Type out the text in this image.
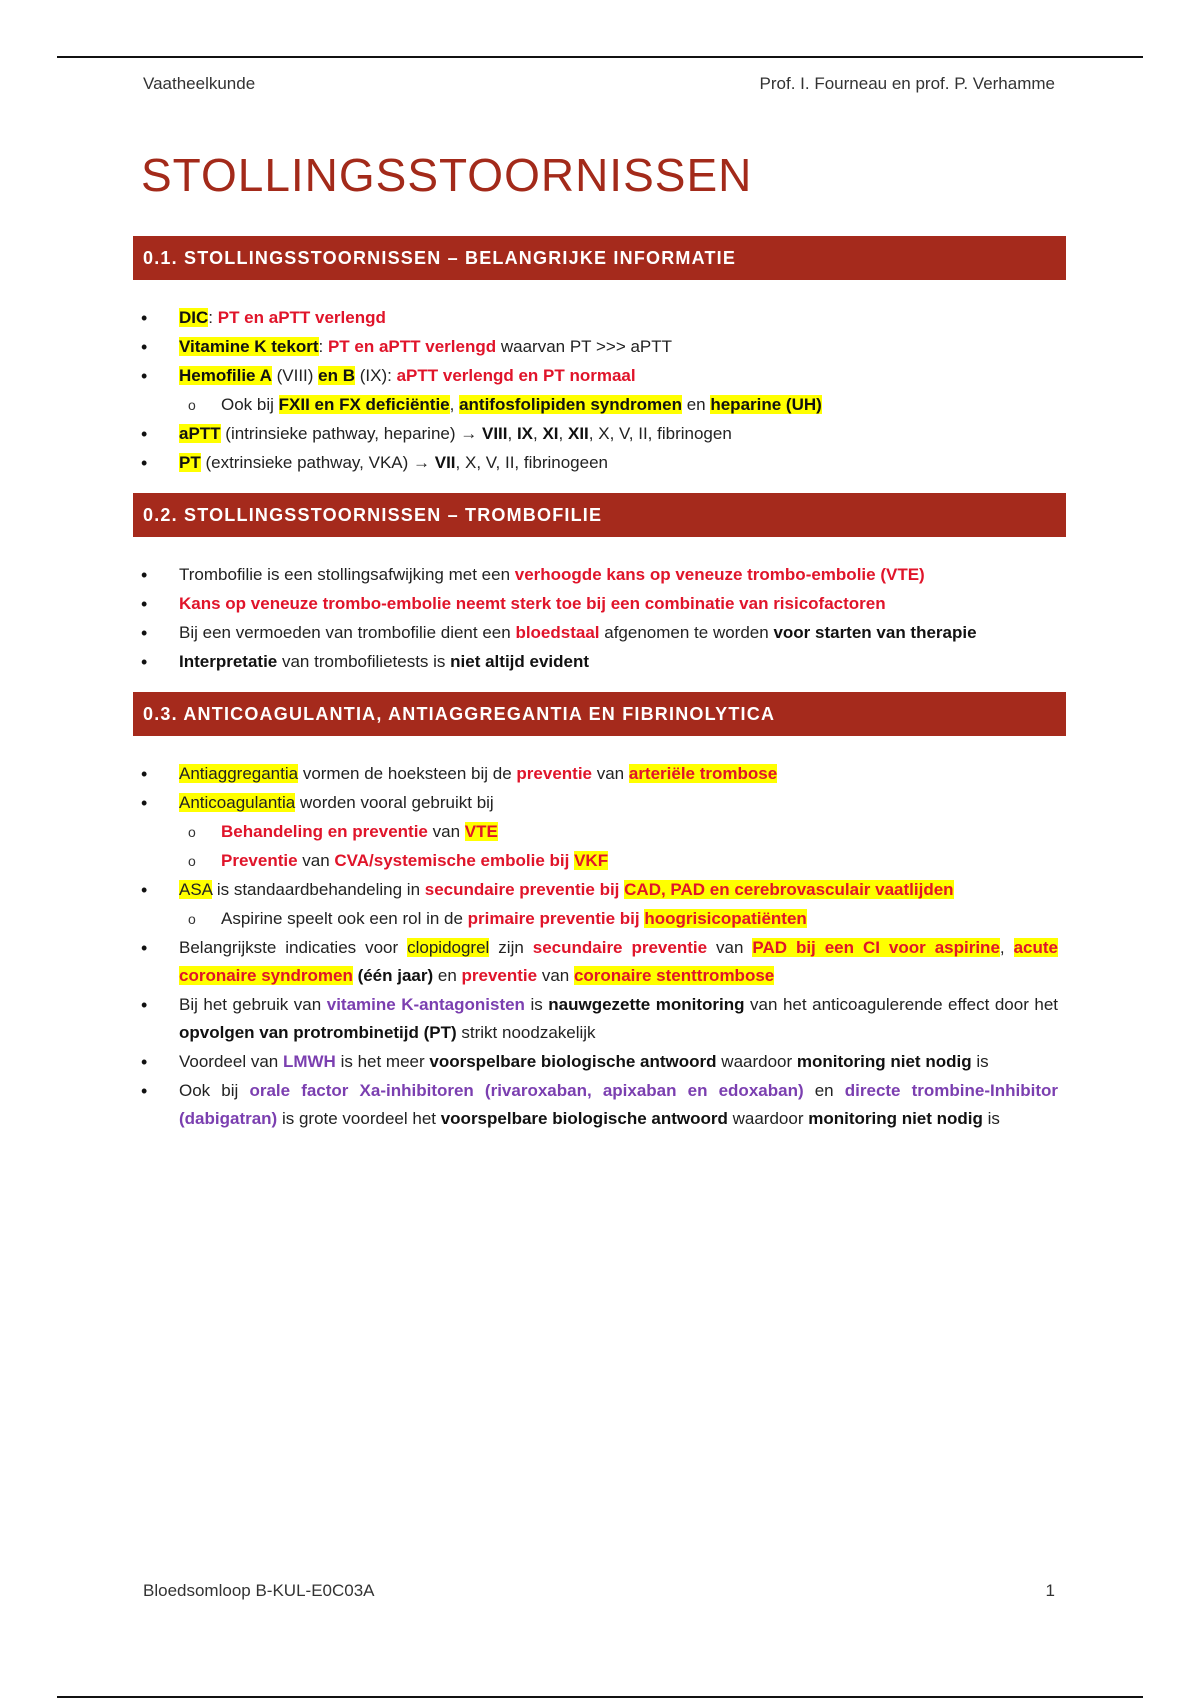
Vaatheelkunde	Prof. I. Fourneau en prof. P. Verhamme
STOLLINGSSTOORNISSEN
0.1. STOLLINGSSTOORNISSEN – BELANGRIJKE INFORMATIE
• DIC: PT en aPTT verlengd
• Vitamine K tekort: PT en aPTT verlengd waarvan PT >>> aPTT
• Hemofilie A (VIII) en B (IX): aPTT verlengd en PT normaal
o Ook bij FXII en FX deficiëntie, antifosfolipiden syndromen en heparine (UH)
• aPTT (intrinsieke pathway, heparine) → VIII, IX, XI, XII, X, V, II, fibrinogen
• PT (extrinsieke pathway, VKA) → VII, X, V, II, fibrinogeen
0.2. STOLLINGSSTOORNISSEN – TROMBOFILIE
• Trombofilie is een stollingsafwijking met een verhoogde kans op veneuze trombo-embolie (VTE)
• Kans op veneuze trombo-embolie neemt sterk toe bij een combinatie van risicofactoren
• Bij een vermoeden van trombofilie dient een bloedstaal afgenomen te worden voor starten van therapie
• Interpretatie van trombofilietests is niet altijd evident
0.3. ANTICOAGULANTIA, ANTIAGGREGANTIA EN FIBRINOLYTICA
• Antiaggregantia vormen de hoeksteen bij de preventie van arteriële trombose
• Anticoagulantia worden vooral gebruikt bij
o Behandeling en preventie van VTE
o Preventie van CVA/systemische embolie bij VKF
• ASA is standaardbehandeling in secundaire preventie bij CAD, PAD en cerebrovasculair vaatlijden
o Aspirine speelt ook een rol in de primaire preventie bij hoogrisicopatiënten
• Belangrijkste indicaties voor clopidogrel zijn secundaire preventie van PAD bij een CI voor aspirine, acute coronaire syndromen (één jaar) en preventie van coronaire stenttrombose
• Bij het gebruik van vitamine K-antagonisten is nauwgezette monitoring van het anticoagulerende effect door het opvolgen van protrombinetijd (PT) strikt noodzakelijk
• Voordeel van LMWH is het meer voorspelbare biologische antwoord waardoor monitoring niet nodig is
• Ook bij orale factor Xa-inhibitoren (rivaroxaban, apixaban en edoxaban) en directe trombine-Inhibitor (dabigatran) is grote voordeel het voorspelbare biologische antwoord waardoor monitoring niet nodig is
Bloedsomloop B-KUL-E0C03A	1
